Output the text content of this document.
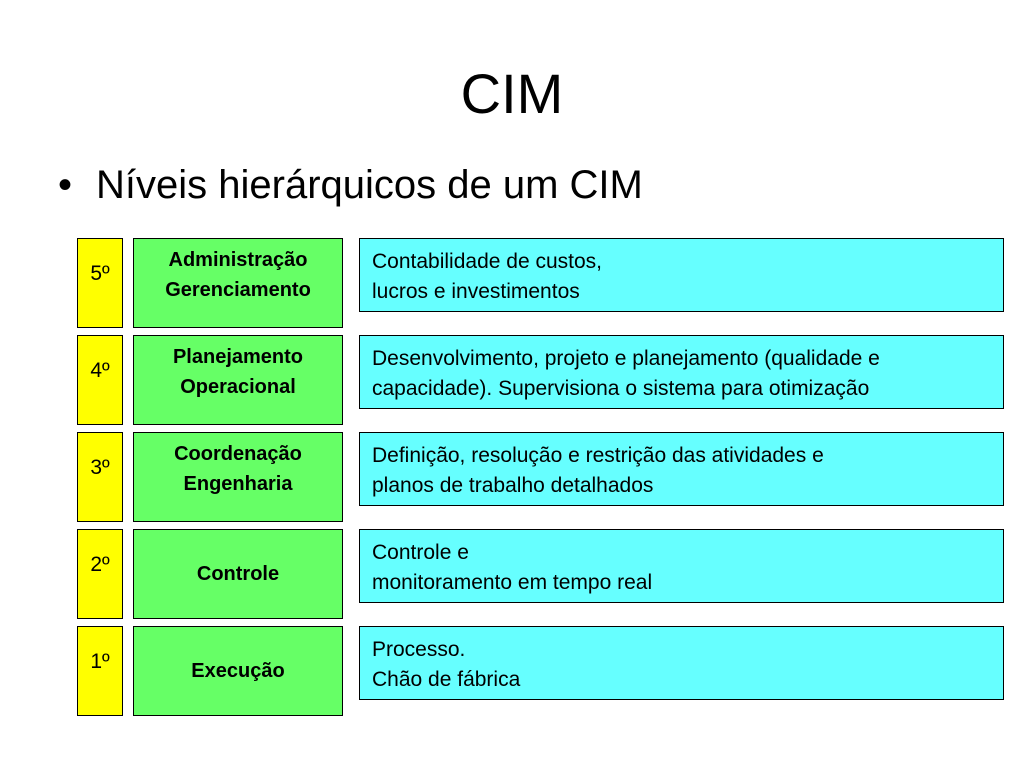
CIM
• Níveis hierárquicos de um CIM
5º
Administração
Gerenciamento
Contabilidade de custos,
lucros e investimentos
4º
Planejamento
Operacional
Desenvolvimento, projeto e planejamento (qualidade e
capacidade). Supervisiona o sistema para otimização
3º
Coordenação
Engenharia
Definição, resolução e restrição das atividades e
planos de trabalho detalhados
2º	Controle
Controle e
monitoramento em tempo real
1º	Execução
Processo.
Chão de fábrica
